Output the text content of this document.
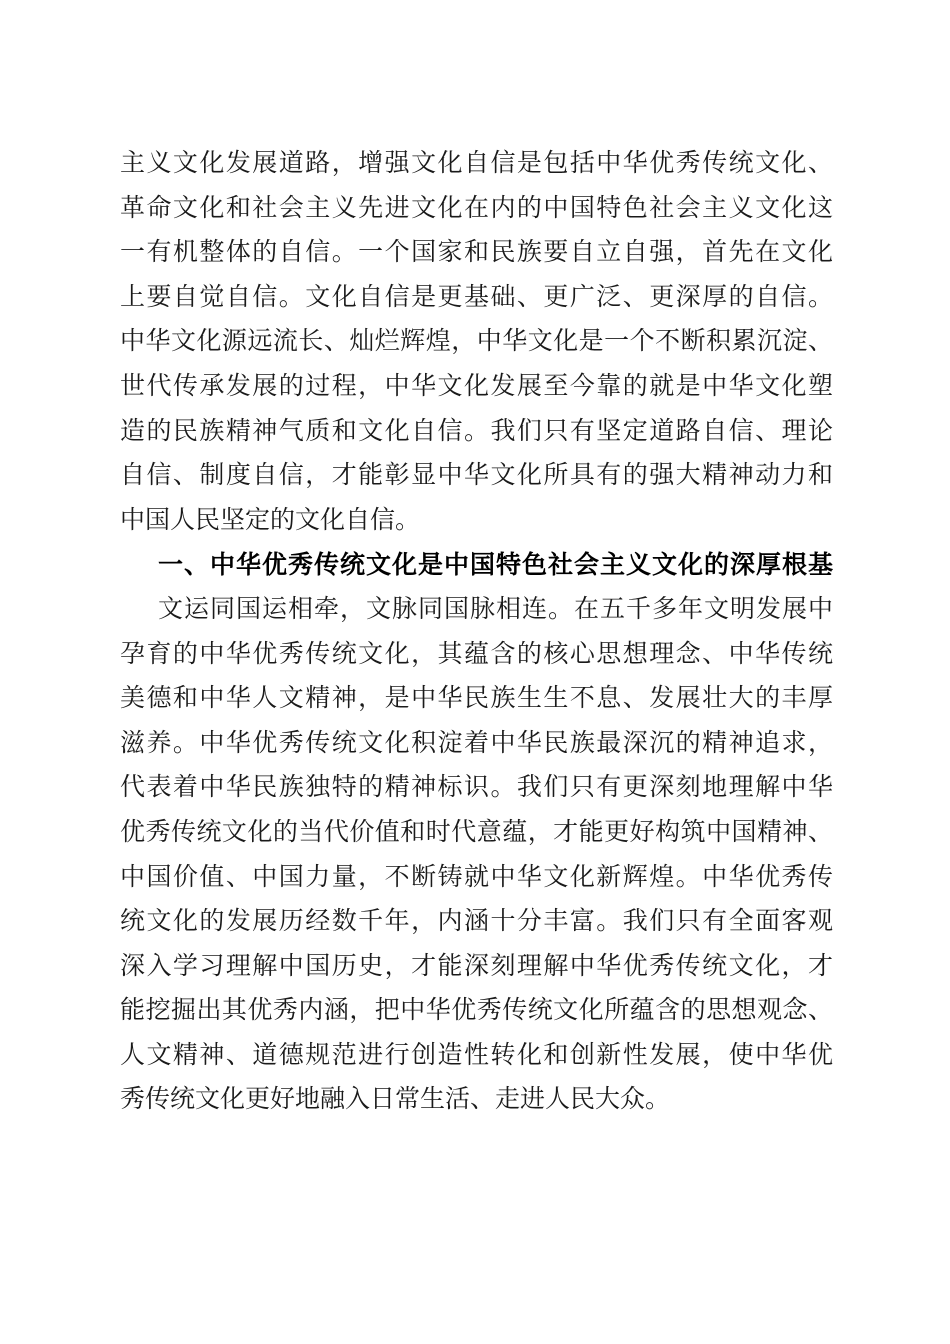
主义文化发展道路，增强文化自信是包括中华优秀传统文化、
革命文化和社会主义先进文化在内的中国特色社会主义文化这
一有机整体的自信。一个国家和民族要自立自强，首先在文化
上要自觉自信。文化自信是更基础、更广泛、更深厚的自信。
中华文化源远流长、灿烂辉煌，中华文化是一个不断积累沉淀、
世代传承发展的过程，中华文化发展至今靠的就是中华文化塑
造的民族精神气质和文化自信。我们只有坚定道路自信、理论
自信、制度自信，才能彰显中华文化所具有的强大精神动力和
中国人民坚定的文化自信。
一、中华优秀传统文化是中国特色社会主义文化的深厚根基
文运同国运相牵，文脉同国脉相连。在五千多年文明发展中
孕育的中华优秀传统文化，其蕴含的核心思想理念、中华传统
美德和中华人文精神，是中华民族生生不息、发展壮大的丰厚
滋养。中华优秀传统文化积淀着中华民族最深沉的精神追求，
代表着中华民族独特的精神标识。我们只有更深刻地理解中华
优秀传统文化的当代价值和时代意蕴，才能更好构筑中国精神、
中国价值、中国力量，不断铸就中华文化新辉煌。中华优秀传
统文化的发展历经数千年，内涵十分丰富。我们只有全面客观
深入学习理解中国历史，才能深刻理解中华优秀传统文化，才
能挖掘出其优秀内涵，把中华优秀传统文化所蕴含的思想观念、
人文精神、道德规范进行创造性转化和创新性发展，使中华优
秀传统文化更好地融入日常生活、走进人民大众。
